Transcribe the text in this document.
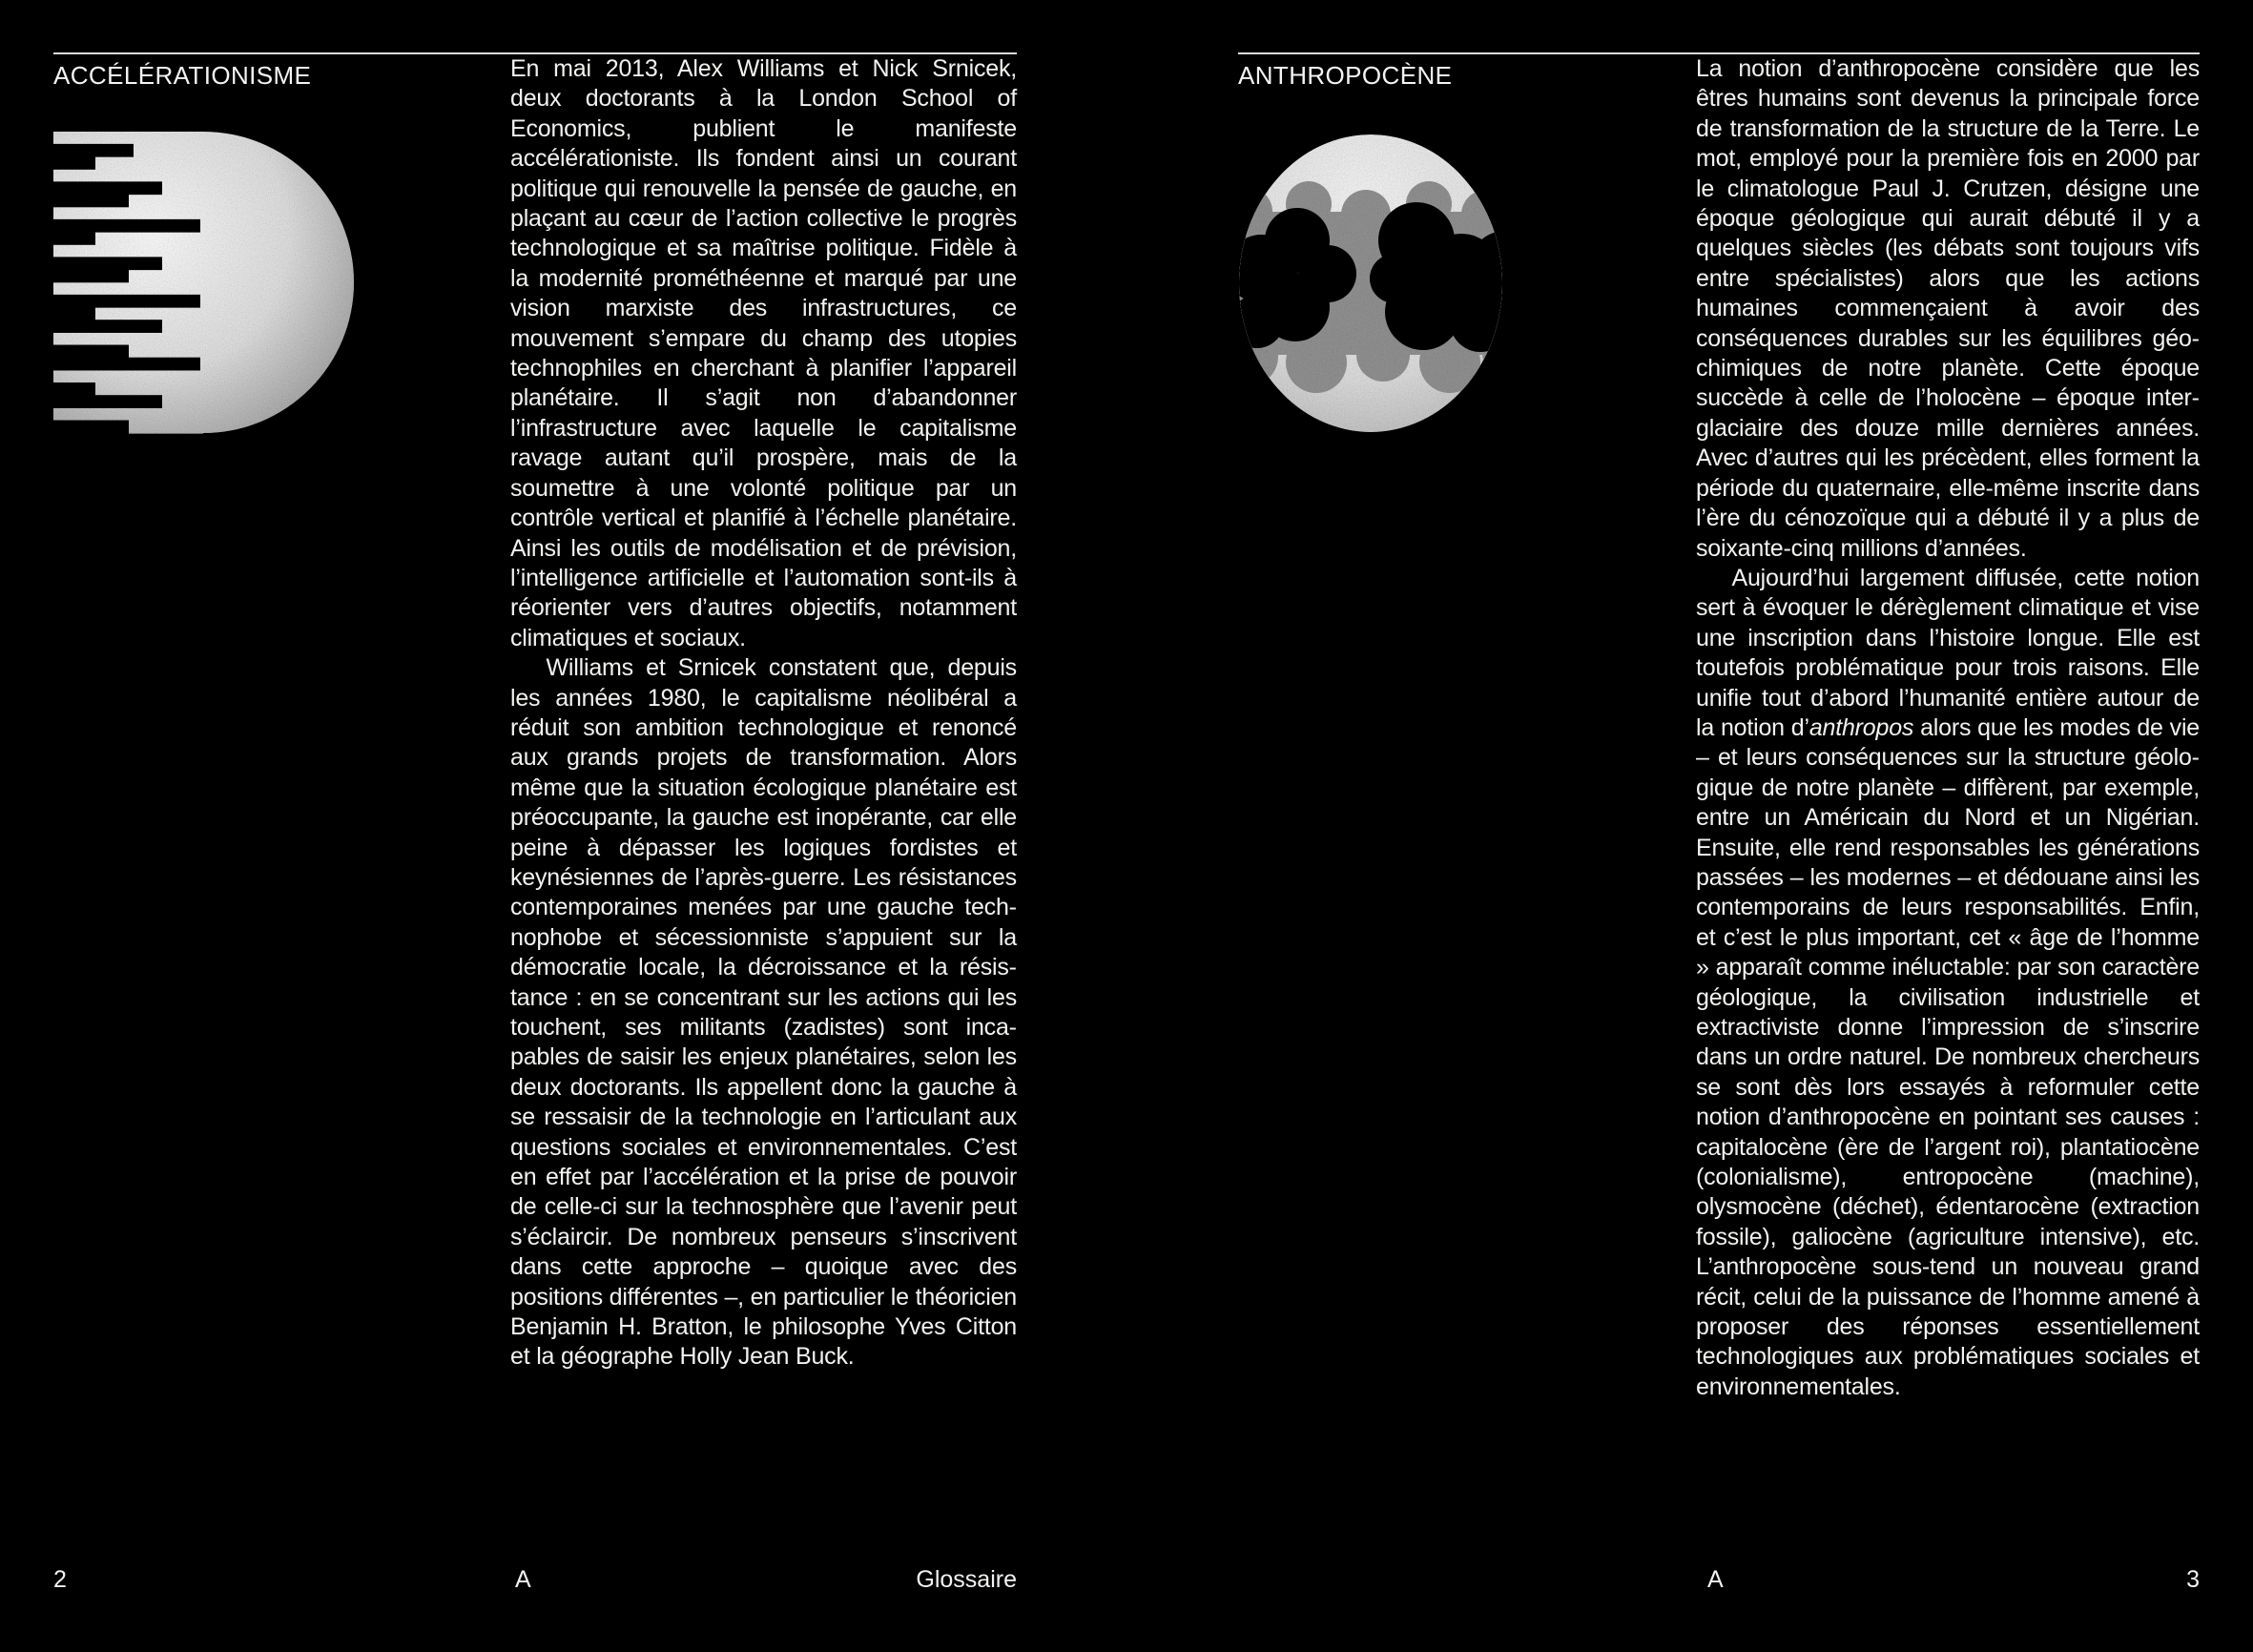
ACCÉLÉRATIONISME	ANTHROPOCÈNE

En mai 2013, Alex Williams et Nick Srnicek, deux doctorants à la London School of Economics, publient le manifeste accélérationiste. Ils fondent ainsi un courant politique qui renouvelle la pensée de gauche, en plaçant au cœur de l’action collective le progrès technologique et sa maîtrise politique. Fidèle à la modernité prométhéenne et marqué par une vision marxiste des infrastructures, ce mouvement s’empare du champ des utopies technophiles en cherchant à planifier l’appareil planétaire. Il s’agit non d’abandonner l’infrastructure avec laquelle le capitalisme ravage autant qu’il prospère, mais de la soumettre à une volonté politique par un contrôle vertical et planifié à l’échelle planétaire. Ainsi les outils de modélisation et de prévision, l’intelligence artificielle et l’automation sont-ils à réorienter vers d’autres objectifs, notamment climatiques et sociaux.

Williams et Srnicek constatent que, depuis les années 1980, le capitalisme néolibéral a réduit son ambition technologique et renoncé aux grands projets de transformation. Alors même que la situation écologique planétaire est préoccupante, la gauche est inopérante, car elle peine à dépasser les logiques fordistes et keynésiennes de l’après-guerre. Les résistances contemporaines menées par une gauche technophobe et sécessionniste s’appuient sur la démocratie locale, la décroissance et la résistance : en se concentrant sur les actions qui les touchent, ses militants (zadistes) sont incapables de saisir les enjeux planétaires, selon les deux doctorants. Ils appellent donc la gauche à se ressaisir de la technologie en l’articulant aux questions sociales et environnementales. C’est en effet par l’accélération et la prise de pouvoir de celle-ci sur la technosphère que l’avenir peut s’éclaircir. De nombreux penseurs s’inscrivent dans cette approche – quoique avec des positions différentes –, en particulier le théoricien Benjamin H. Bratton, le philosophe Yves Citton et la géographe Holly Jean Buck.

La notion d’anthropocène considère que les êtres humains sont devenus la principale force de transformation de la structure de la Terre. Le mot, employé pour la première fois en 2000 par le climatologue Paul J. Crutzen, désigne une époque géologique qui aurait débuté il y a quelques siècles (les débats sont toujours vifs entre spécialistes) alors que les actions humaines commençaient à avoir des conséquences durables sur les équilibres géochimiques de notre planète. Cette époque succède à celle de l’holocène – époque interglaciaire des douze mille dernières années. Avec d’autres qui les précèdent, elles forment la période du quaternaire, elle-même inscrite dans l’ère du cénozoïque qui a débuté il y a plus de soixante-cinq millions d’années.

Aujourd’hui largement diffusée, cette notion sert à évoquer le dérèglement climatique et vise une inscription dans l’histoire longue. Elle est toutefois problématique pour trois raisons. Elle unifie tout d’abord l’humanité entière autour de la notion d’anthropos alors que les modes de vie – et leurs conséquences sur la structure géologique de notre planète – diffèrent, par exemple, entre un Américain du Nord et un Nigérian. Ensuite, elle rend responsables les générations passées – les modernes – et dédouane ainsi les contemporains de leurs responsabilités. Enfin, et c’est le plus important, cet « âge de l’homme » apparaît comme inéluctable: par son caractère géologique, la civilisation industrielle et extractiviste donne l’impression de s’inscrire dans un ordre naturel. De nombreux chercheurs se sont dès lors essayés à reformuler cette notion d’anthropocène en pointant ses causes : capitalocène (ère de l’argent roi), plantatiocène (colonialisme), entropocène (machine), olysmocène (déchet), édentarocène (extraction fossile), galiocène (agriculture intensive), etc. L’anthropocène sous-tend un nouveau grand récit, celui de la puissance de l’homme amené à proposer des réponses essentiellement technologiques aux problématiques sociales et environnementales.

2	A	Glossaire	A	3
